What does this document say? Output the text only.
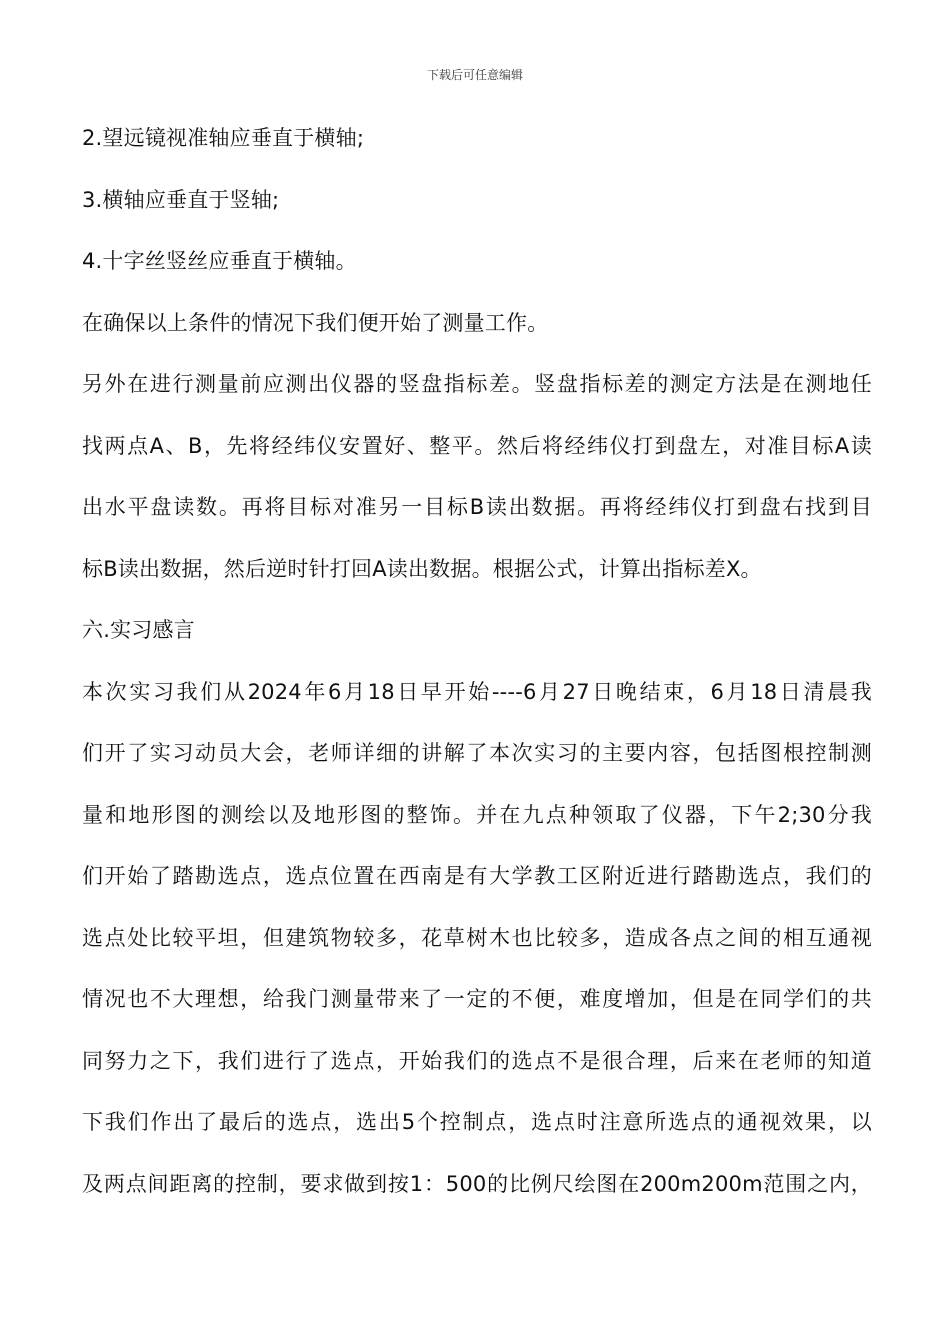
下载后可任意编辑
2.望远镜视准轴应垂直于横轴;
3.横轴应垂直于竖轴;
4.十字丝竖丝应垂直于横轴。
在确保以上条件的情况下我们便开始了测量工作。
另外在进行测量前应测出仪器的竖盘指标差。竖盘指标差的测定方法是在测地任
找两点A、B，先将经纬仪安置好、整平。然后将经纬仪打到盘左，对准目标A读
出水平盘读数。再将目标对准另一目标B读出数据。再将经纬仪打到盘右找到目
标B读出数据，然后逆时针打回A读出数据。根据公式，计算出指标差X。
六.实习感言
本次实习我们从2024年6月18日早开始----6月27日晚结束，6月18日清晨我
们开了实习动员大会，老师详细的讲解了本次实习的主要内容，包括图根控制测
量和地形图的测绘以及地形图的整饰。并在九点种领取了仪器，下午2;30分我
们开始了踏勘选点，选点位置在西南是有大学教工区附近进行踏勘选点，我们的
选点处比较平坦，但建筑物较多，花草树木也比较多，造成各点之间的相互通视
情况也不大理想，给我门测量带来了一定的不便，难度增加，但是在同学们的共
同努力之下，我们进行了选点，开始我们的选点不是很合理，后来在老师的知道
下我们作出了最后的选点，选出5个控制点，选点时注意所选点的通视效果，以
及两点间距离的控制，要求做到按1：500的比例尺绘图在200m200m范围之内，
